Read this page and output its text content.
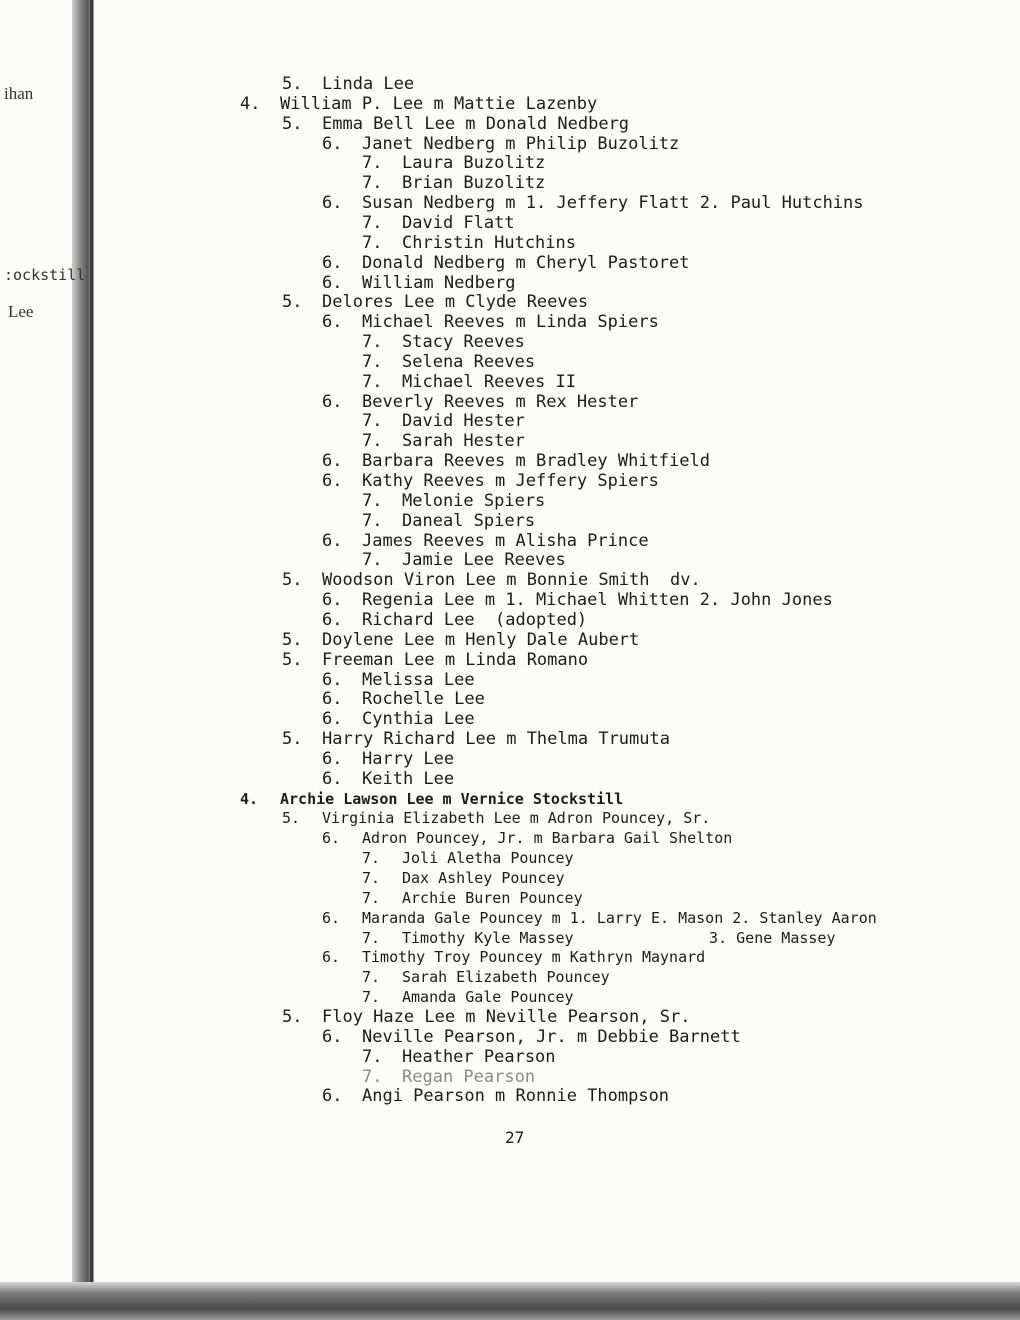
ihan
:ockstill
Lee
5. Linda Lee
4. William P. Lee m Mattie Lazenby
5. Emma Bell Lee m Donald Nedberg
6. Janet Nedberg m Philip Buzolitz
7. Laura Buzolitz
7. Brian Buzolitz
6. Susan Nedberg m 1. Jeffery Flatt 2. Paul Hutchins
7. David Flatt
7. Christin Hutchins
6. Donald Nedberg m Cheryl Pastoret
6. William Nedberg
5. Delores Lee m Clyde Reeves
6. Michael Reeves m Linda Spiers
7. Stacy Reeves
7. Selena Reeves
7. Michael Reeves II
6. Beverly Reeves m Rex Hester
7. David Hester
7. Sarah Hester
6. Barbara Reeves m Bradley Whitfield
6. Kathy Reeves m Jeffery Spiers
7. Melonie Spiers
7. Daneal Spiers
6. James Reeves m Alisha Prince
7. Jamie Lee Reeves
5. Woodson Viron Lee m Bonnie Smith  dv.
6. Regenia Lee m 1. Michael Whitten 2. John Jones
6. Richard Lee  (adopted)
5. Doylene Lee m Henly Dale Aubert
5. Freeman Lee m Linda Romano
6. Melissa Lee
6. Rochelle Lee
6. Cynthia Lee
5. Harry Richard Lee m Thelma Trumuta
6. Harry Lee
6. Keith Lee
4. Archie Lawson Lee m Vernice Stockstill
5. Virginia Elizabeth Lee m Adron Pouncey, Sr.
6. Adron Pouncey, Jr. m Barbara Gail Shelton
7. Joli Aletha Pouncey
7. Dax Ashley Pouncey
7. Archie Buren Pouncey
6. Maranda Gale Pouncey m 1. Larry E. Mason 2. Stanley Aaron
7. Timothy Kyle Massey               3. Gene Massey
6. Timothy Troy Pouncey m Kathryn Maynard
7. Sarah Elizabeth Pouncey
7. Amanda Gale Pouncey
5. Floy Haze Lee m Neville Pearson, Sr.
6. Neville Pearson, Jr. m Debbie Barnett
7. Heather Pearson
7. Regan Pearson
6. Angi Pearson m Ronnie Thompson
27
